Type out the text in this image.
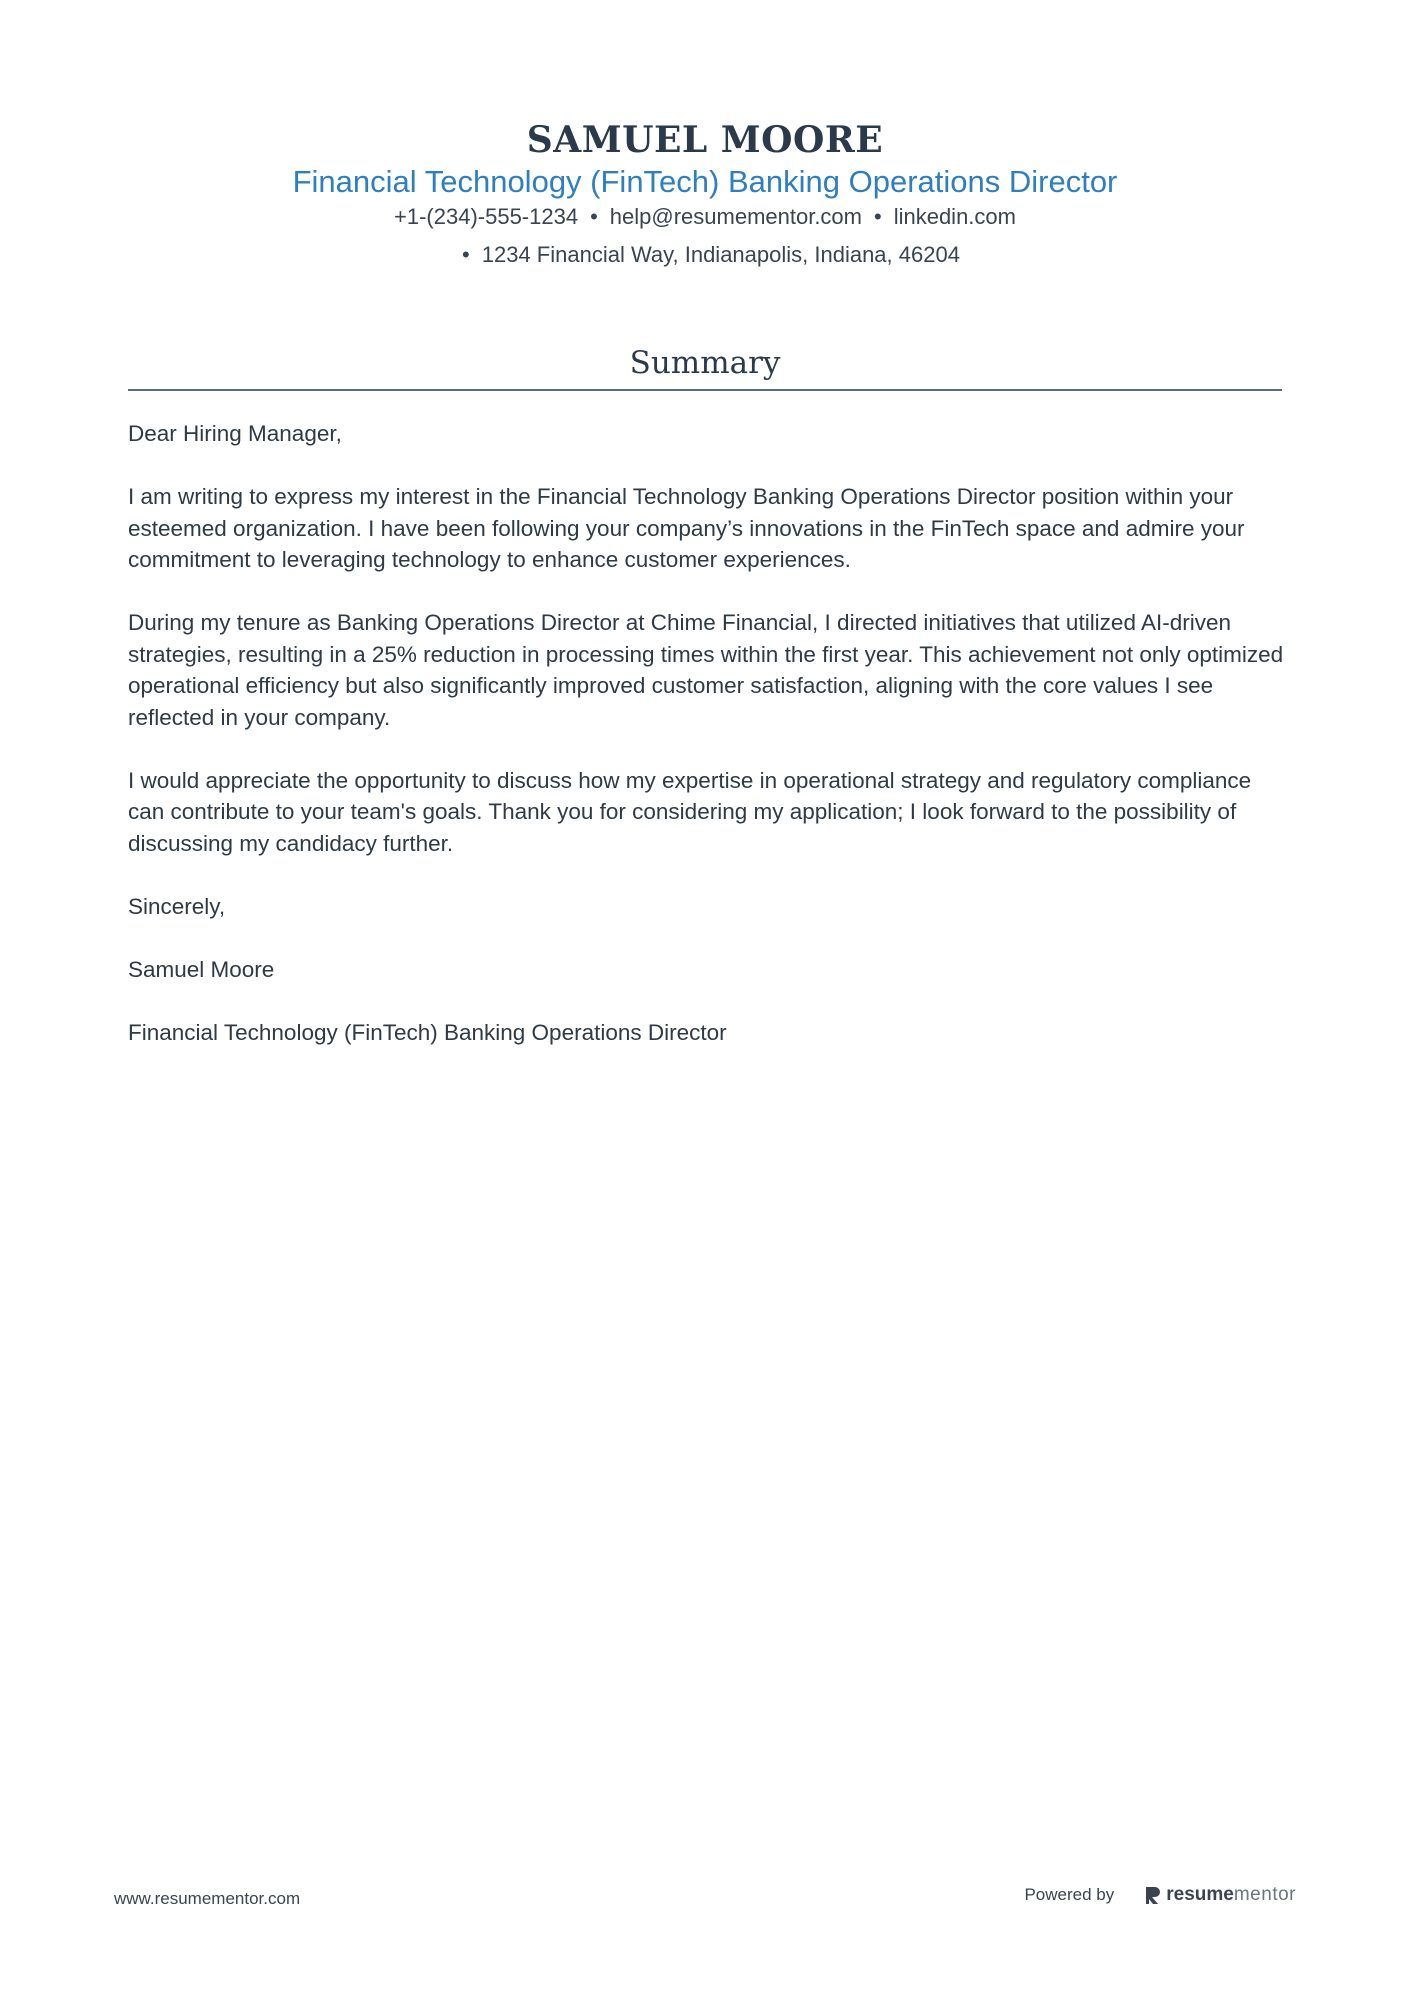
SAMUEL MOORE

Financial Technology (FinTech) Banking Operations Director

+1-(234)-555-1234 • help@resumementor.com • linkedin.com

• 1234 Financial Way, Indianapolis, Indiana, 46204

Summary

Dear Hiring Manager,

I am writing to express my interest in the Financial Technology Banking Operations Director position within your esteemed organization. I have been following your company’s innovations in the FinTech space and admire your commitment to leveraging technology to enhance customer experiences.

During my tenure as Banking Operations Director at Chime Financial, I directed initiatives that utilized AI-driven strategies, resulting in a 25% reduction in processing times within the first year. This achievement not only optimized operational efficiency but also significantly improved customer satisfaction, aligning with the core values I see reflected in your company.

I would appreciate the opportunity to discuss how my expertise in operational strategy and regulatory compliance can contribute to your team's goals. Thank you for considering my application; I look forward to the possibility of discussing my candidacy further.

Sincerely,

Samuel Moore

Financial Technology (FinTech) Banking Operations Director

www.resumementor.com	Powered by	resumementor
